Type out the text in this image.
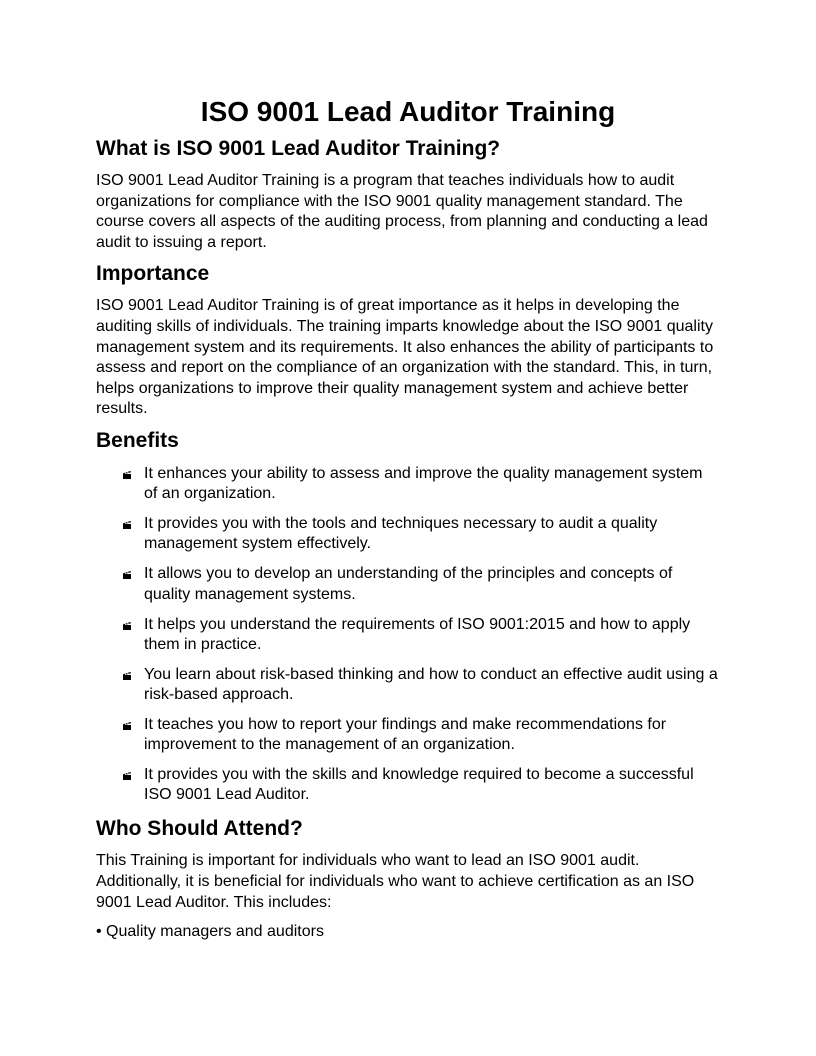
ISO 9001 Lead Auditor Training
What is ISO 9001 Lead Auditor Training?

ISO 9001 Lead Auditor Training is a program that teaches individuals how to audit organizations for compliance with the ISO 9001 quality management standard. The course covers all aspects of the auditing process, from planning and conducting a lead audit to issuing a report.

Importance

ISO 9001 Lead Auditor Training is of great importance as it helps in developing the auditing skills of individuals. The training imparts knowledge about the ISO 9001 quality management system and its requirements. It also enhances the ability of participants to assess and report on the compliance of an organization with the standard. This, in turn, helps organizations to improve their quality management system and achieve better results.

Benefits
It enhances your ability to assess and improve the quality management system of an organization.
It provides you with the tools and techniques necessary to audit a quality management system effectively.
It allows you to develop an understanding of the principles and concepts of quality management systems.
It helps you understand the requirements of ISO 9001:2015 and how to apply them in practice.
You learn about risk-based thinking and how to conduct an effective audit using a risk-based approach.
It teaches you how to report your findings and make recommendations for improvement to the management of an organization.
It provides you with the skills and knowledge required to become a successful ISO 9001 Lead Auditor.
Who Should Attend?

This Training is important for individuals who want to lead an ISO 9001 audit. Additionally, it is beneficial for individuals who want to achieve certification as an ISO 9001 Lead Auditor. This includes:

• Quality managers and auditors
